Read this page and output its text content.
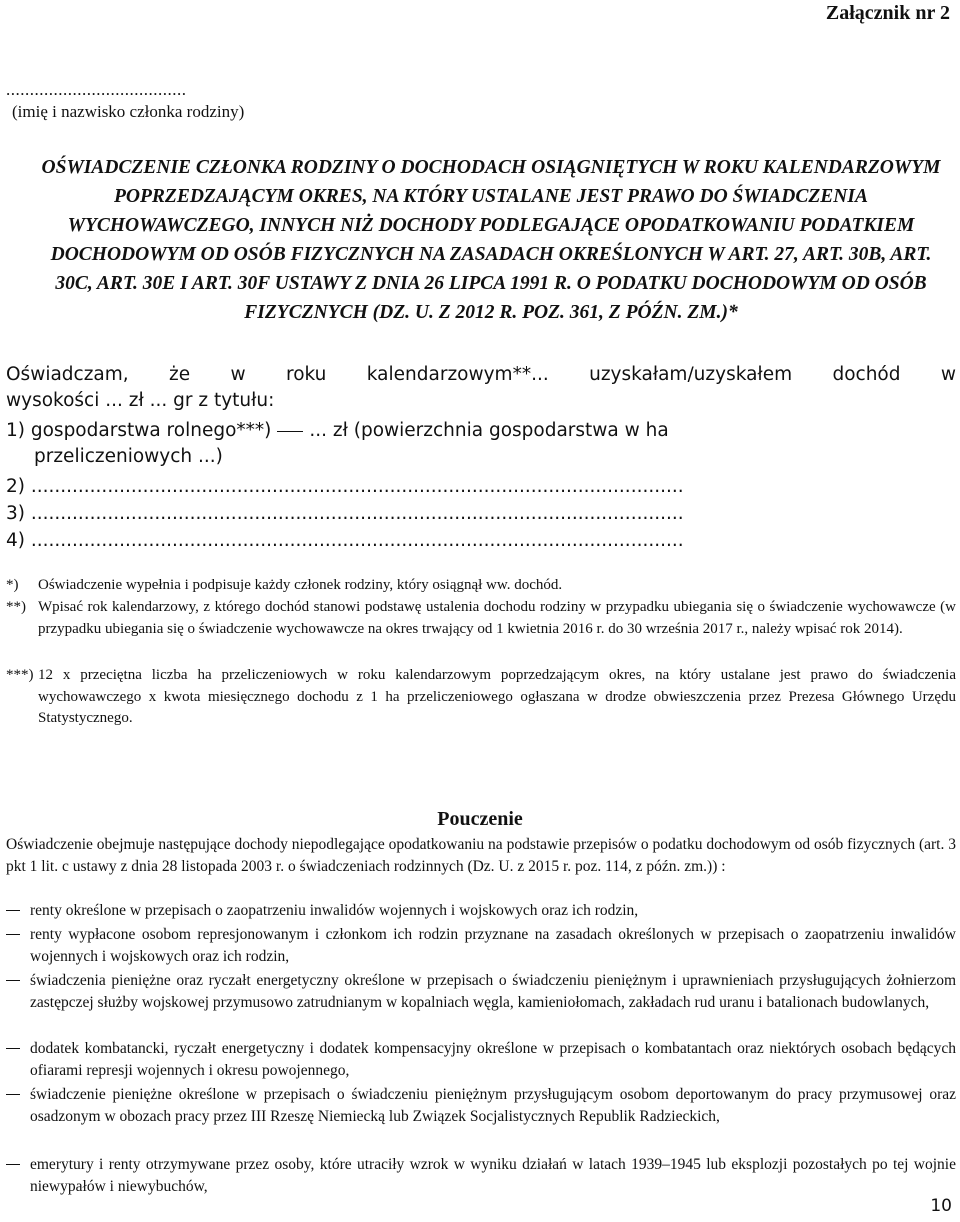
Załącznik nr 2
......................................
(imię i nazwisko członka rodziny)
OŚWIADCZENIE CZŁONKA RODZINY O DOCHODACH OSIĄGNIĘTYCH W ROKU KALENDARZOWYM POPRZEDZAJĄCYM OKRES, NA KTÓRY USTALANE JEST PRAWO DO ŚWIADCZENIA WYCHOWAWCZEGO, INNYCH NIŻ DOCHODY PODLEGAJĄCE OPODATKOWANIU PODATKIEM DOCHODOWYM OD OSÓB FIZYCZNYCH NA ZASADACH OKREŚLONYCH W ART. 27, ART. 30B, ART. 30C, ART. 30E I ART. 30F USTAWY Z DNIA 26 LIPCA 1991 R. O PODATKU DOCHODOWYM OD OSÓB FIZYCZNYCH (DZ. U. Z 2012 R. POZ. 361, Z PÓŹN. ZM.)*
Oświadczam, że w roku kalendarzowym**... uzyskałam/uzyskałem dochód w
wysokości ... zł ... gr z tytułu:
1) gospodarstwa rolnego***) ... zł (powierzchnia gospodarstwa w ha
przeliczeniowych ...)
2) ...............................................................................................................
3) ...............................................................................................................
4) ...............................................................................................................
*) Oświadczenie wypełnia i podpisuje każdy członek rodziny, który osiągnął ww. dochód.
**) Wpisać rok kalendarzowy, z którego dochód stanowi podstawę ustalenia dochodu rodziny w przypadku ubiegania się o świadczenie wychowawcze (w przypadku ubiegania się o świadczenie wychowawcze na okres trwający od 1 kwietnia 2016 r. do 30 września 2017 r., należy wpisać rok 2014).
***) 12 x przeciętna liczba ha przeliczeniowych w roku kalendarzowym poprzedzającym okres, na który ustalane jest prawo do świadczenia wychowawczego x kwota miesięcznego dochodu z 1 ha przeliczeniowego ogłaszana w drodze obwieszczenia przez Prezesa Głównego Urzędu Statystycznego.
Pouczenie
Oświadczenie obejmuje następujące dochody niepodlegające opodatkowaniu na podstawie przepisów o podatku dochodowym od osób fizycznych (art. 3 pkt 1 lit. c ustawy z dnia 28 listopada 2003 r. o świadczeniach rodzinnych (Dz. U. z 2015 r. poz. 114, z późn. zm.)) :
renty określone w przepisach o zaopatrzeniu inwalidów wojennych i wojskowych oraz ich rodzin,
renty wypłacone osobom represjonowanym i członkom ich rodzin przyznane na zasadach określonych w przepisach o zaopatrzeniu inwalidów wojennych i wojskowych oraz ich rodzin,
świadczenia pieniężne oraz ryczałt energetyczny określone w przepisach o świadczeniu pieniężnym i uprawnieniach przysługujących żołnierzom zastępczej służby wojskowej przymusowo zatrudnianym w kopalniach węgla, kamieniołomach, zakładach rud uranu i batalionach budowlanych,
dodatek kombatancki, ryczałt energetyczny i dodatek kompensacyjny określone w przepisach o kombatantach oraz niektórych osobach będących ofiarami represji wojennych i okresu powojennego,
świadczenie pieniężne określone w przepisach o świadczeniu pieniężnym przysługującym osobom deportowanym do pracy przymusowej oraz osadzonym w obozach pracy przez III Rzeszę Niemiecką lub Związek Socjalistycznych Republik Radzieckich,
emerytury i renty otrzymywane przez osoby, które utraciły wzrok w wyniku działań w latach 1939–1945 lub eksplozji pozostałych po tej wojnie niewypałów i niewybuchów,
10
